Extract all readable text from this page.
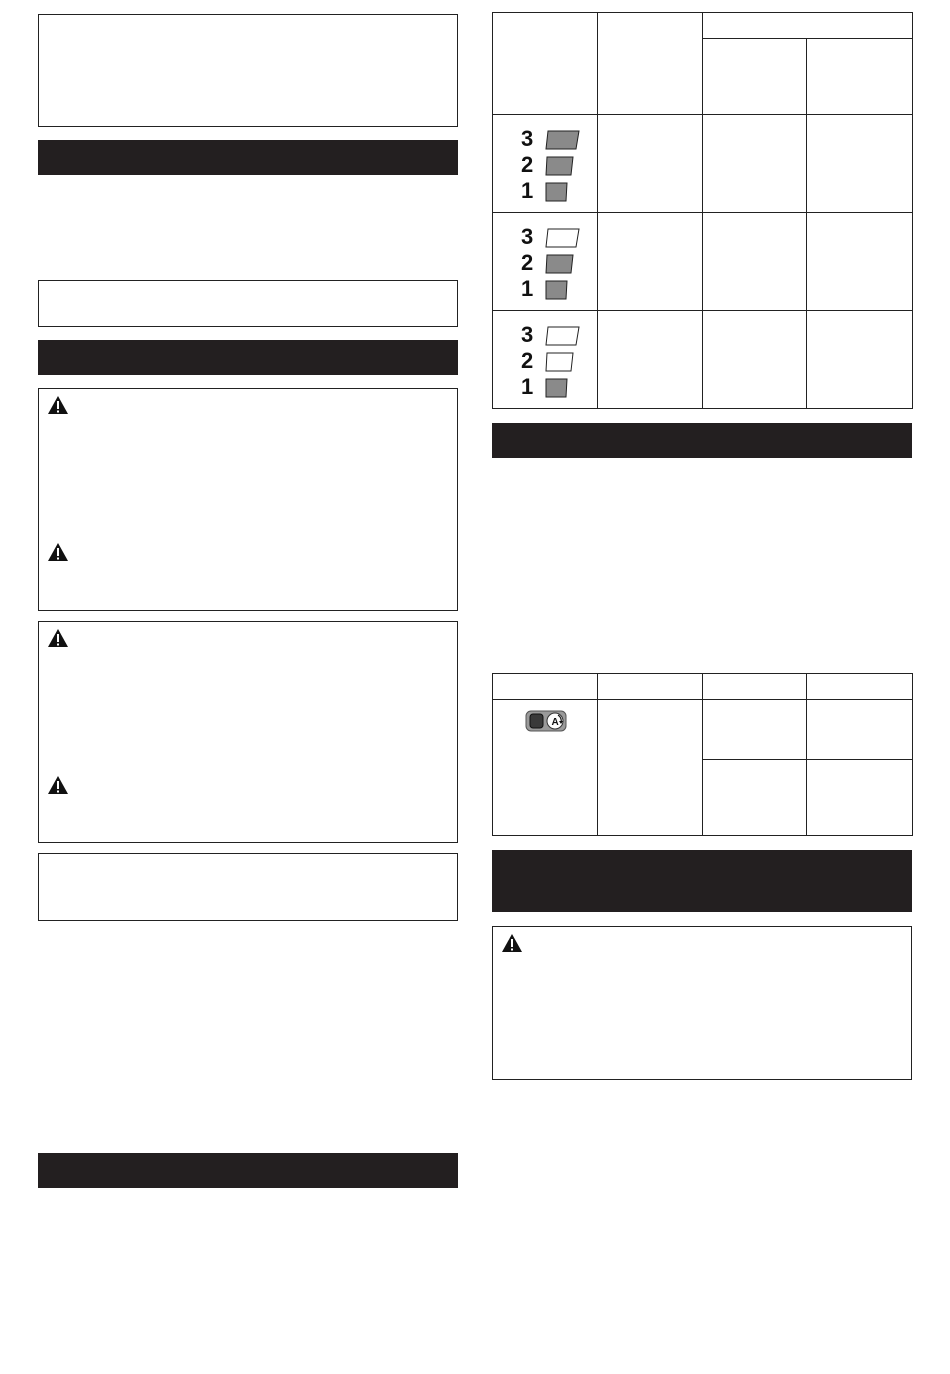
3
2
1			

3
2
1			

3
2
1			

A			
